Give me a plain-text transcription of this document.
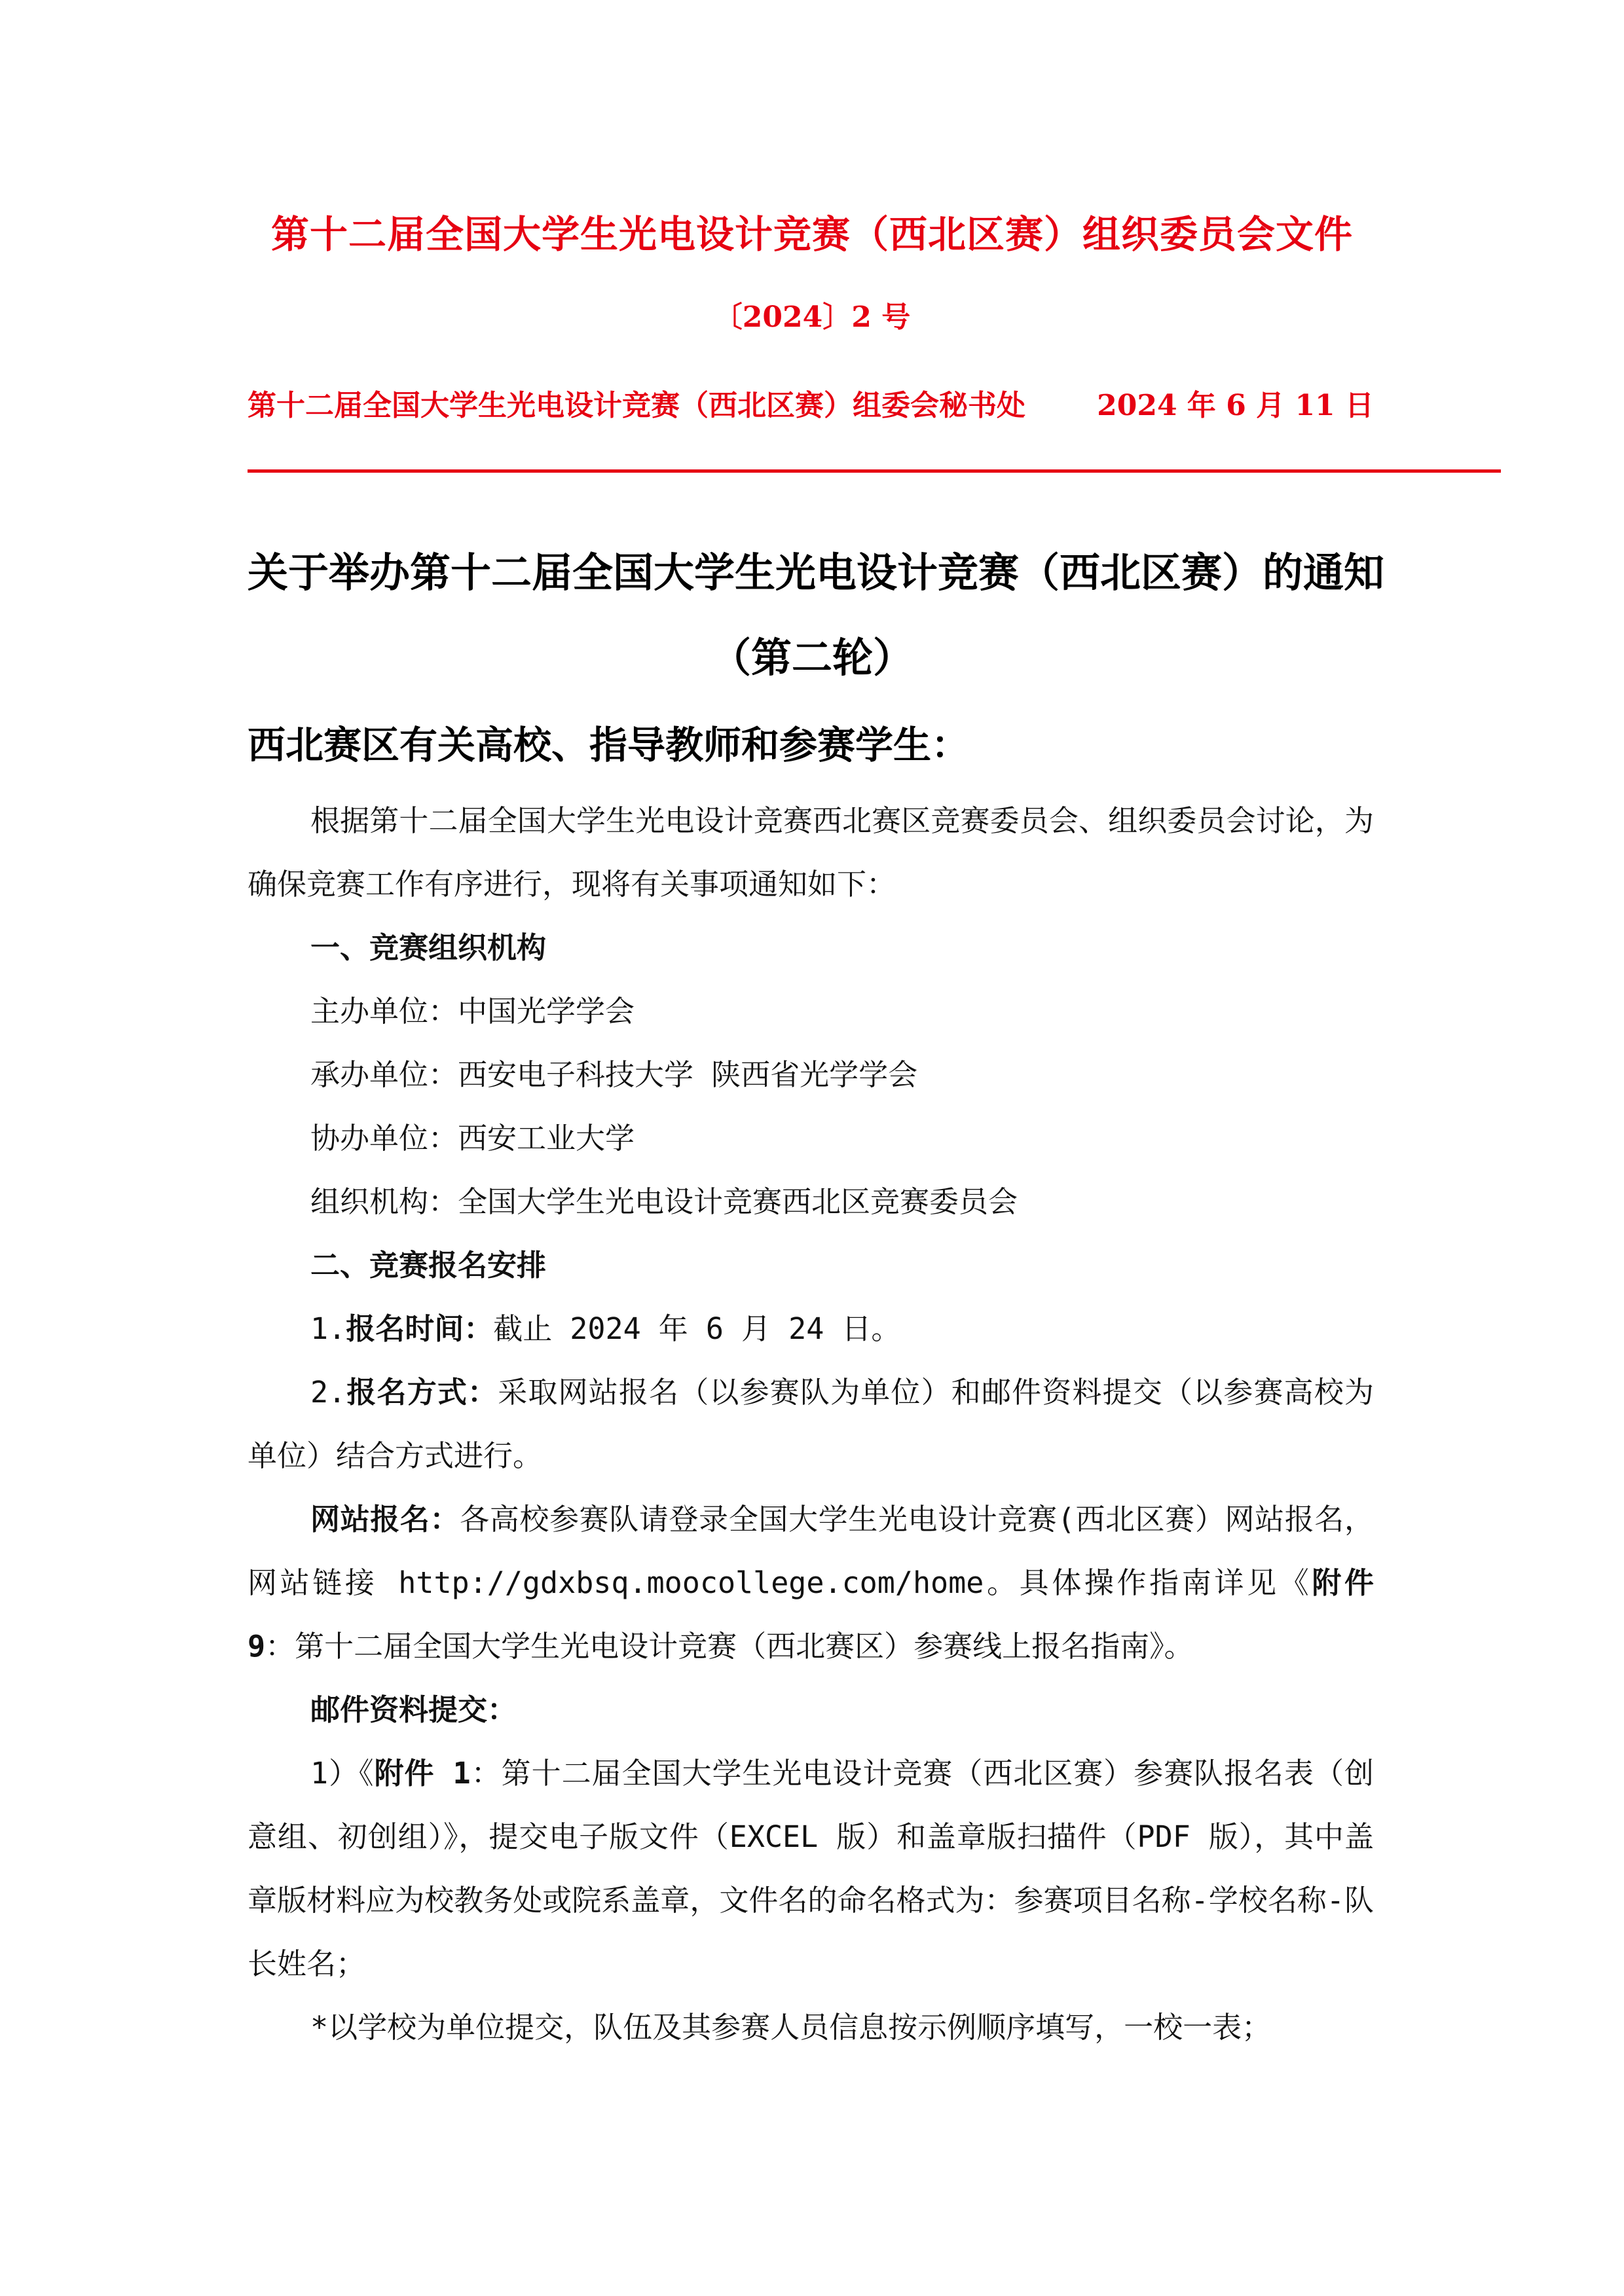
第十二届全国大学生光电设计竞赛（西北区赛）组织委员会文件
〔2024〕2 号
第十二届全国大学生光电设计竞赛（西北区赛）组委会秘书处 2024 年 6 月 11 日
关于举办第十二届全国大学生光电设计竞赛（西北区赛）的通知
（第二轮）
西北赛区有关高校、指导教师和参赛学生：

根据第十二届全国大学生光电设计竞赛西北赛区竞赛委员会、组织委员会讨论，为确保竞赛工作有序进行，现将有关事项通知如下：

一、竞赛组织机构

主办单位：中国光学学会

承办单位：西安电子科技大学 陕西省光学学会

协办单位：西安工业大学

组织机构：全国大学生光电设计竞赛西北区竞赛委员会

二、竞赛报名安排

1.报名时间：截止 2024 年 6 月 24 日。

2.报名方式：采取网站报名（以参赛队为单位）和邮件资料提交（以参赛高校为单位）结合方式进行。

网站报名：各高校参赛队请登录全国大学生光电设计竞赛(西北区赛）网站报名，网站链接 http://gdxbsq.moocollege.com/home。具体操作指南详见《附件 9：第十二届全国大学生光电设计竞赛（西北赛区）参赛线上报名指南》。

邮件资料提交：

1）《附件 1：第十二届全国大学生光电设计竞赛（西北区赛）参赛队报名表（创意组、初创组）》，提交电子版文件（EXCEL 版）和盖章版扫描件（PDF 版），其中盖章版材料应为校教务处或院系盖章，文件名的命名格式为：参赛项目名称-学校名称-队长姓名；

*以学校为单位提交，队伍及其参赛人员信息按示例顺序填写，一校一表；
